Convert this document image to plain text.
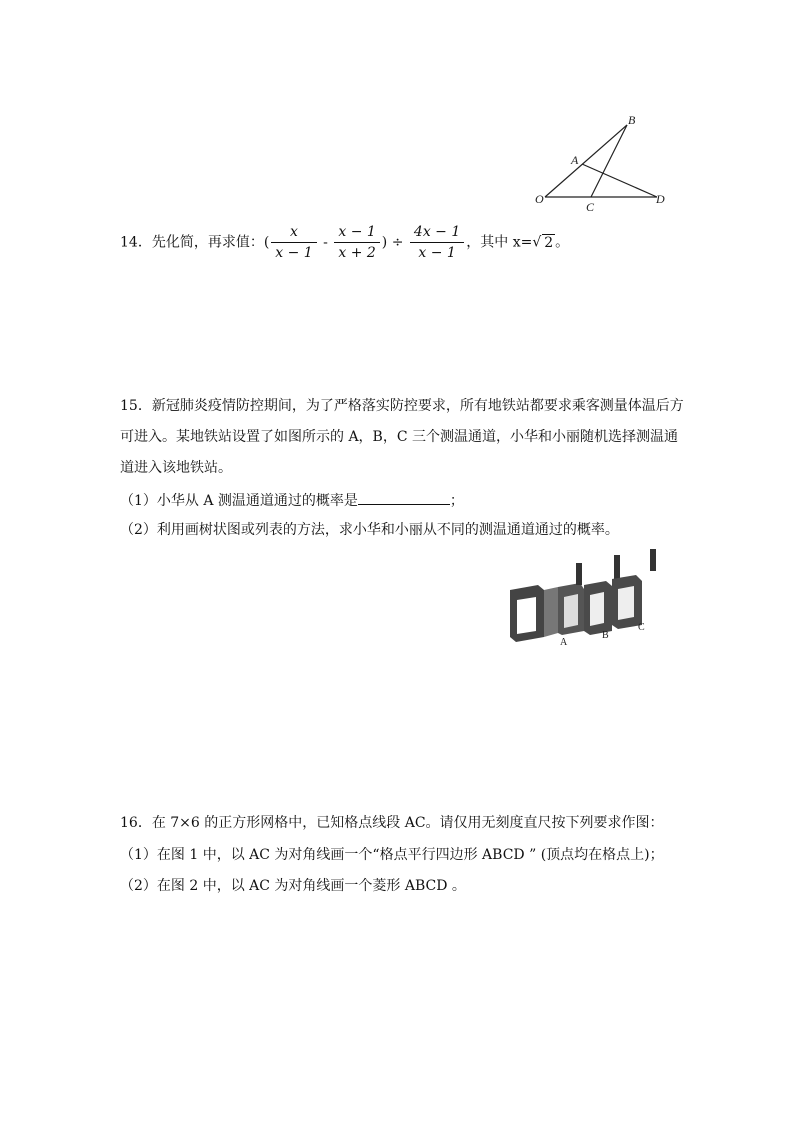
B
A
O
C
D
14．先化简，再求值：( $\frac{x}{x - 1} - \frac{x - 1}{x + 2}$ ) ÷ $\frac{4x - 1}{x - 1}$ ，其中 x=√ 2 。
15．新冠肺炎疫情防控期间，为了严格落实防控要求，所有地铁站都要求乘客测量体温后方
可进入。某地铁站设置了如图所示的 A，B，C 三个测温通道，小华和小丽随机选择测温通
道进入该地铁站。
（1）小华从 A 测温通道通过的概率是	；
（2）利用画树状图或列表的方法，求小华和小丽从不同的测温通道通过的概率。
A
B
C
16．在 7×6 的正方形网格中，已知格点线段 AC。请仅用无刻度直尺按下列要求作图：
（1）在图 1 中，以 AC 为对角线画一个“格点平行四边形 ABCD ” (顶点均在格点上)；
（2）在图 2 中，以 AC 为对角线画一个菱形 ABCD 。
